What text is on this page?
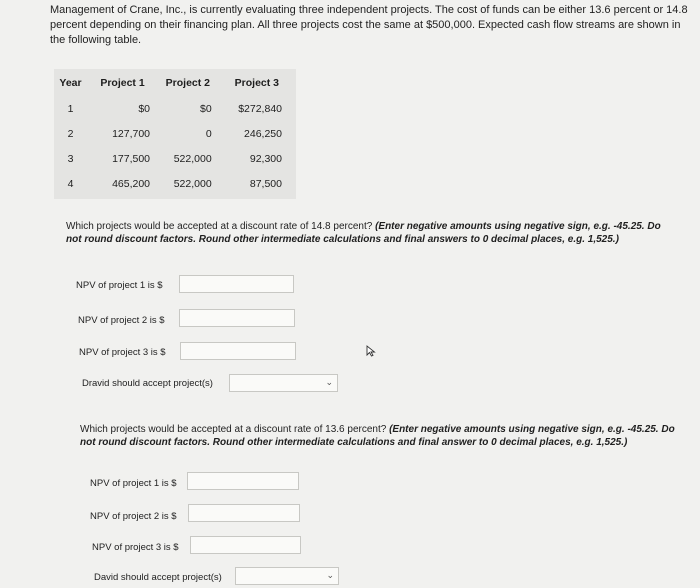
Management of Crane, Inc., is currently evaluating three independent projects. The cost of funds can be either 13.6 percent or 14.8 percent depending on their financing plan. All three projects cost the same at $500,000. Expected cash flow streams are shown in the following table.
Year	Project 1	Project 2	Project 3
1	$0	$0	$272,840
2	127,700	0	246,250
3	177,500	522,000	92,300
4	465,200	522,000	87,500
Which projects would be accepted at a discount rate of 14.8 percent? (Enter negative amounts using negative sign, e.g. -45.25. Do not round discount factors. Round other intermediate calculations and final answers to 0 decimal places, e.g. 1,525.)
NPV of project 1 is $
NPV of project 2 is $
NPV of project 3 is $
Dravid should accept project(s)	⌄
Which projects would be accepted at a discount rate of 13.6 percent? (Enter negative amounts using negative sign, e.g. -45.25. Do not round discount factors. Round other intermediate calculations and final answer to 0 decimal places, e.g. 1,525.)
NPV of project 1 is $
NPV of project 2 is $
NPV of project 3 is $
David should accept project(s)	⌄
